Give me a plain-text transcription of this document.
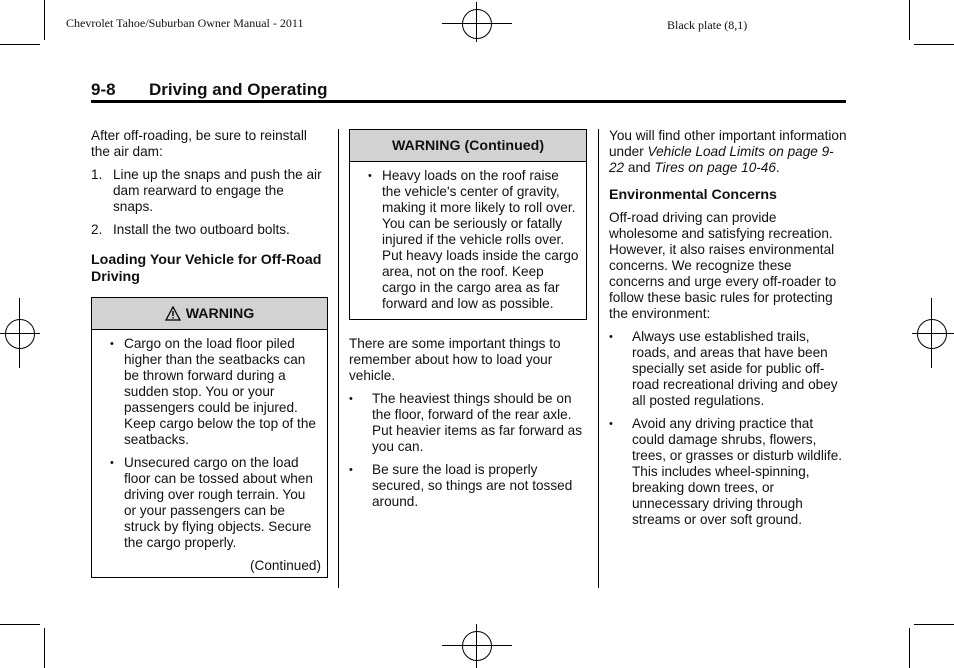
Chevrolet Tahoe/Suburban Owner Manual - 2011	Black plate (8,1)
9-8 Driving and Operating

After off-roading, be sure to reinstall the air dam:

1. Line up the snaps and push the air dam rearward to engage the snaps.
2. Install the two outboard bolts.
Loading Your Vehicle for Off-Road Driving
WARNING
• Cargo on the load floor piled higher than the seatbacks can be thrown forward during a sudden stop. You or your passengers could be injured. Keep cargo below the top of the seatbacks.
• Unsecured cargo on the load floor can be tossed about when driving over rough terrain. You or your passengers can be struck by flying objects. Secure the cargo properly.
(Continued)
WARNING (Continued)
• Heavy loads on the roof raise the vehicle's center of gravity, making it more likely to roll over. You can be seriously or fatally injured if the vehicle rolls over. Put heavy loads inside the cargo area, not on the roof. Keep cargo in the cargo area as far forward and low as possible.

There are some important things to remember about how to load your vehicle.

• The heaviest things should be on the floor, forward of the rear axle. Put heavier items as far forward as you can.
• Be sure the load is properly secured, so things are not tossed around.

You will find other important information under Vehicle Load Limits on page 9-22 and Tires on page 10-46.

Environmental Concerns

Off-road driving can provide wholesome and satisfying recreation. However, it also raises environmental concerns. We recognize these concerns and urge every off-roader to follow these basic rules for protecting the environment:

• Always use established trails, roads, and areas that have been specially set aside for public off-road recreational driving and obey all posted regulations.
• Avoid any driving practice that could damage shrubs, flowers, trees, or grasses or disturb wildlife. This includes wheel-spinning, breaking down trees, or unnecessary driving through streams or over soft ground.
